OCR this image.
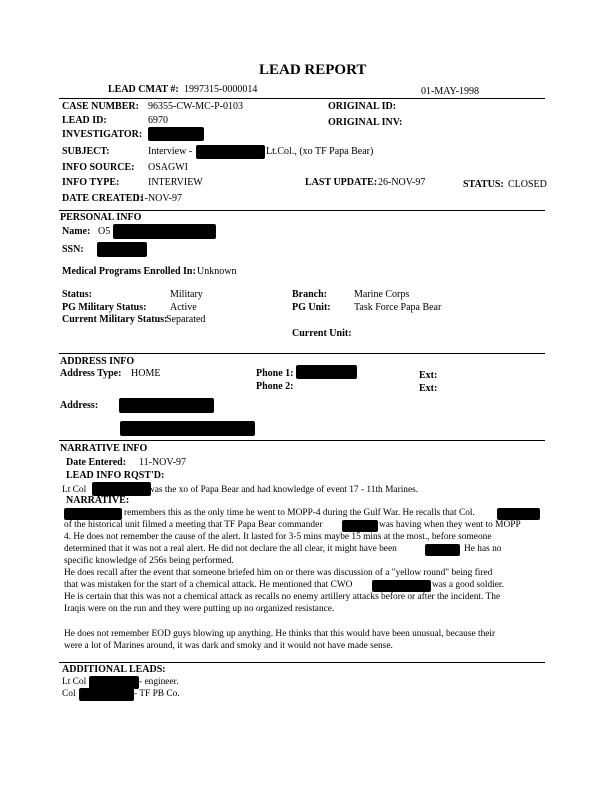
LEAD REPORT
LEAD CMAT #: 1997315-0000014	01-MAY-1998
CASE NUMBER: 96355-CW-MC-P-0103	ORIGINAL ID:
LEAD ID:	6970	ORIGINAL INV:
INVESTIGATOR:
SUBJECT:	Interview -	Lt.Col., (xo TF Papa Bear)
INFO SOURCE: OSAGWI
INFO TYPE:	INTERVIEW	LAST UPDATE: 26-NOV-97	STATUS: CLOSED
DATE CREATED:
11-NOV-97
PERSONAL INFO
Name: O5
SSN:
Medical Programs Enrolled In: Unknown
Status:	Military	Branch:	Marine Corps
PG Military Status: Active	PG Unit: Task Force Papa Bear
Current Military Status:
Separated
Current Unit:
ADDRESS INFO
Address Type: HOME	Phone 1:	Ext:
Phone 2:	Ext:
Address:
NARRATIVE INFO
Date Entered: 11-NOV-97
LEAD INFO RQST'D:
Lt Col	was the xo of Papa Bear and had knowledge of event 17 - 11th Marines.
NARRATIVE:
remembers this as the only time he went to MOPP-4 during the Gulf War. He recalls that Col.
of the historical unit filmed a meeting that TF Papa Bear commander	was having when they went to MOPP
4. He does not remember the cause of the alert. It lasted for 3-5 mins maybe 15 mins at the most., before someone
determined that it was not a real alert. He did not declare the all clear, it might have been	He has no
specific knowledge of 256s being performed.
He does recall after the event that someone briefed him on or there was discussion of a "yellow round" being fired
that was mistaken for the start of a chemical attack. He mentioned that CWO	was a good soldier.
He is certain that this was not a chemical attack as recalls no enemy artillery attacks before or after the incident. The
Iraqis were on the run and they were putting up no organized resistance.
He does not remember EOD guys blowing up anything. He thinks that this would have been unusual, because their
were a lot of Marines around, it was dark and smoky and it would not have made sense.
ADDITIONAL LEADS:
Lt Col	- engineer.
Col	- TF PB Co.
